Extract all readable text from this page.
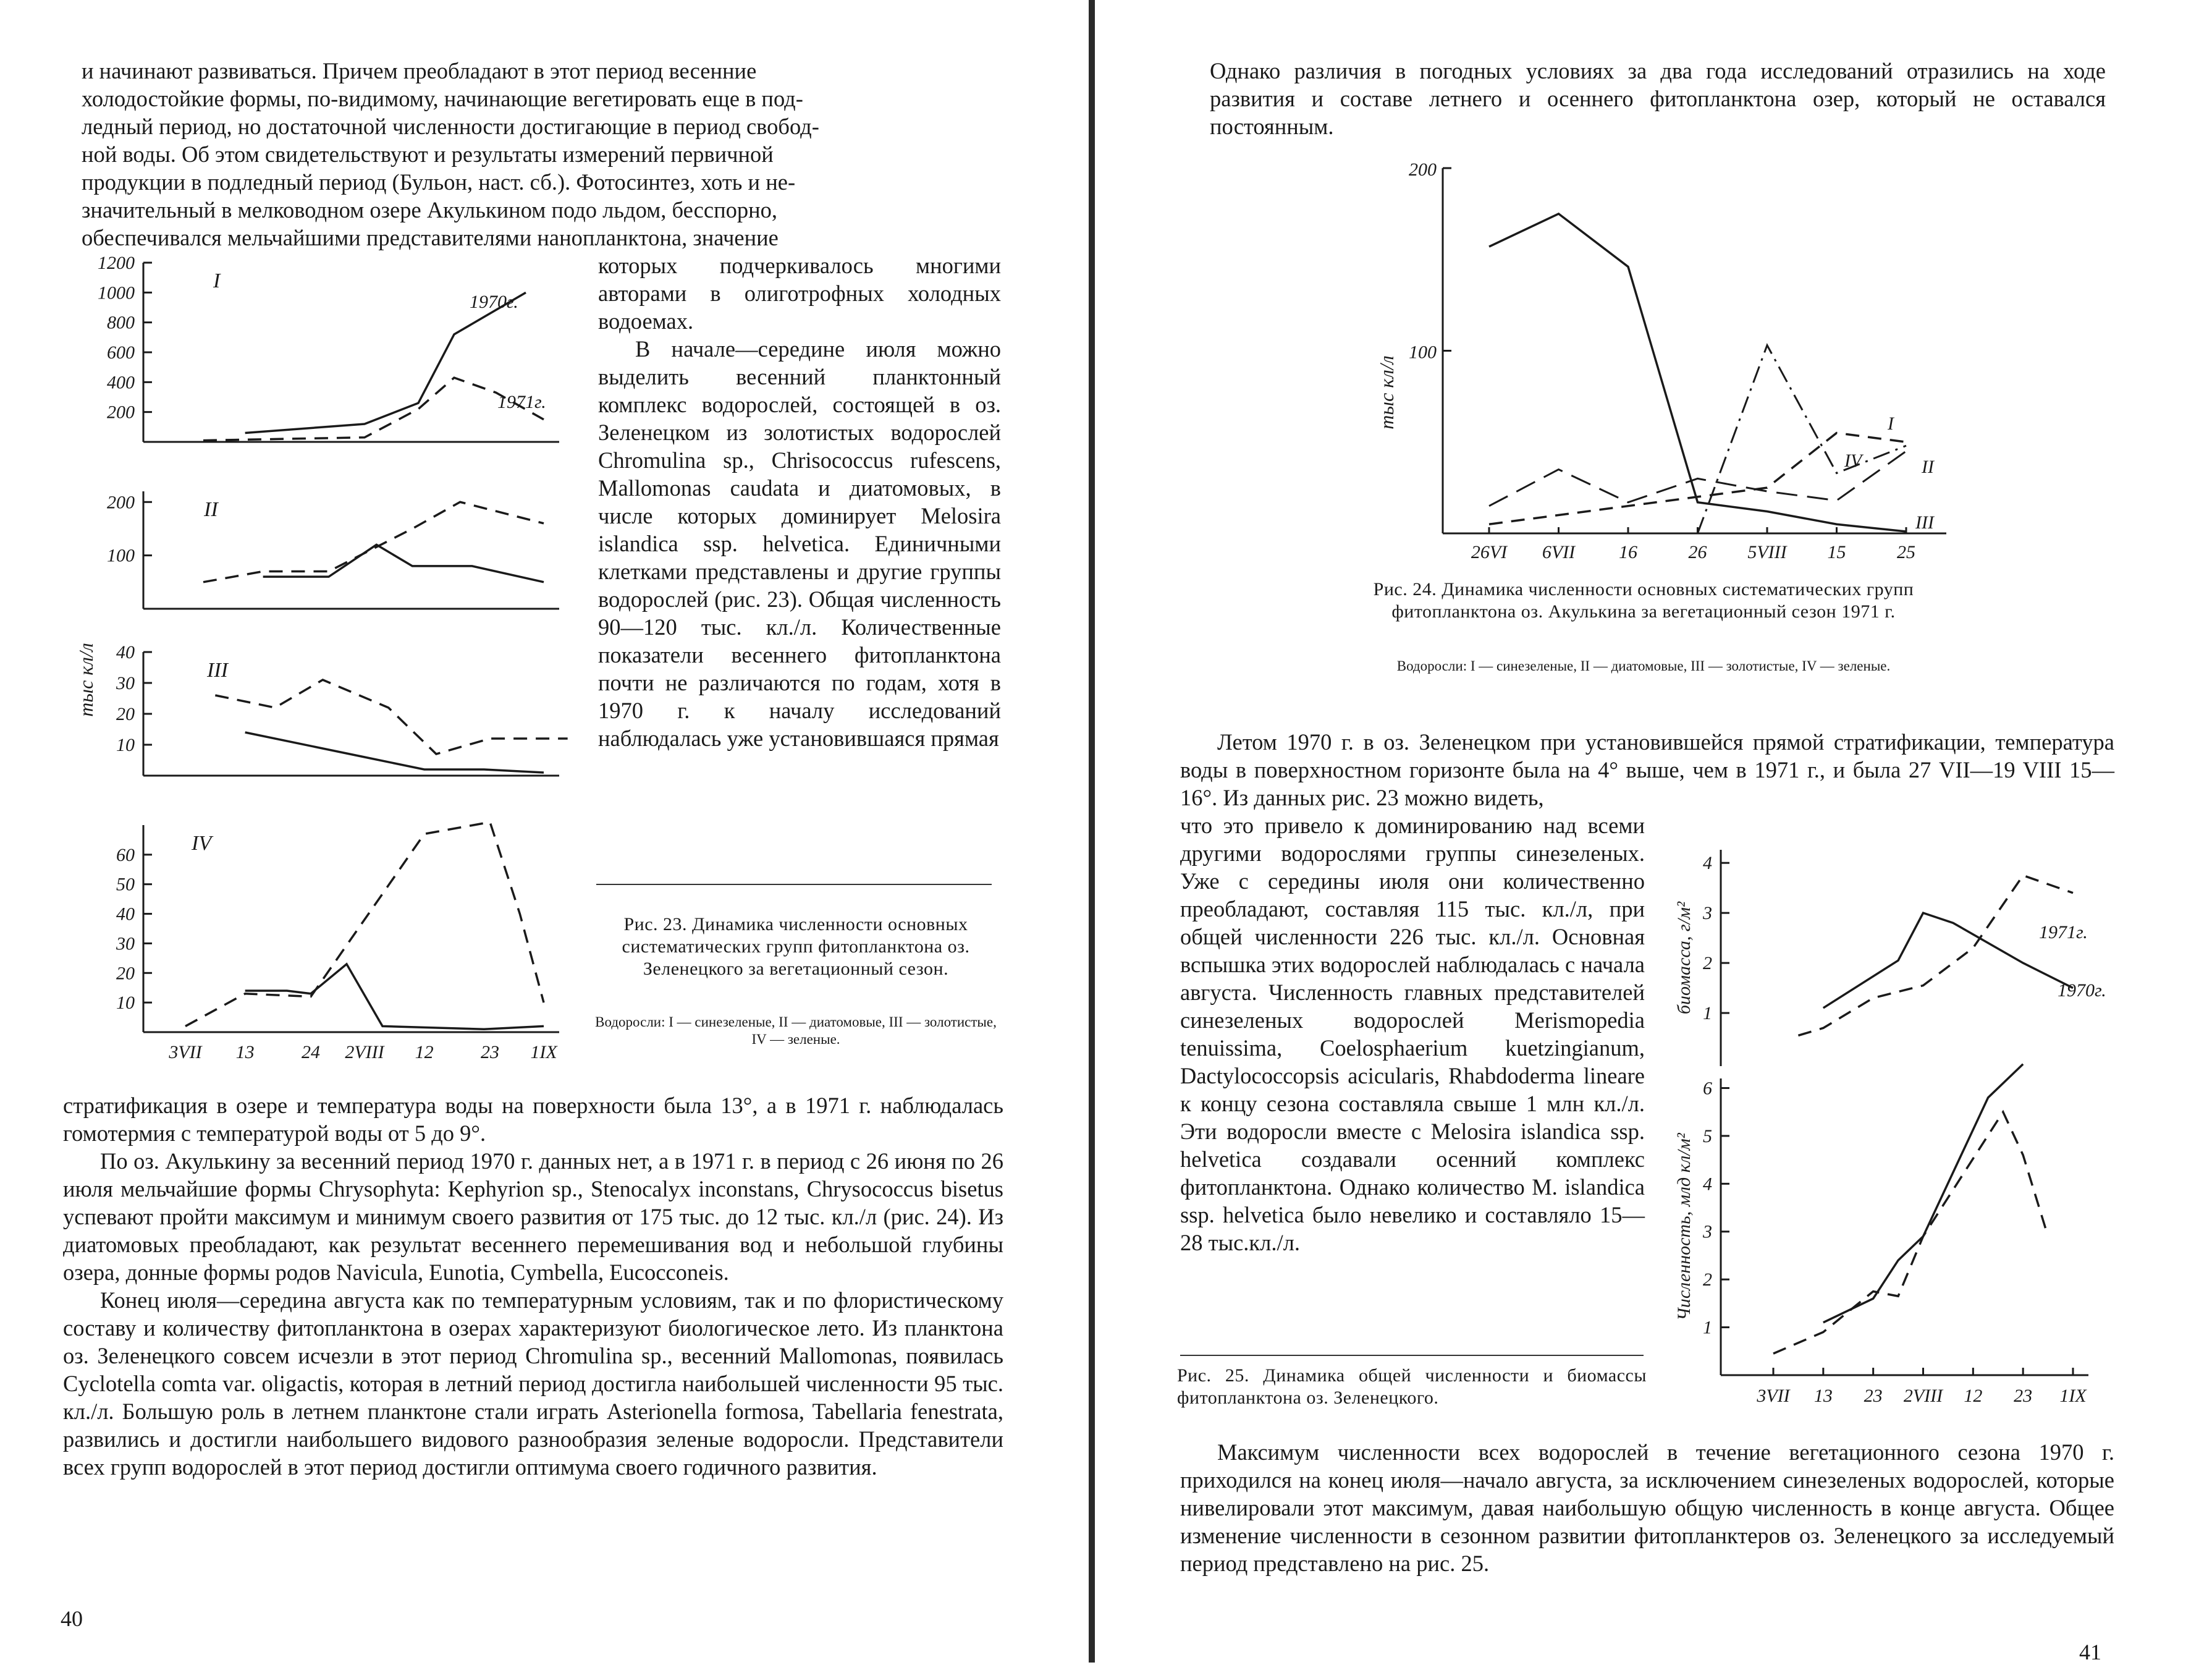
и начинают развиваться. Причем преобладают в этот период весенние

холодостойкие формы, по-видимому, начинающие вегетировать еще в под-

ледный период, но достаточной численности достигающие в период свобод-

ной воды. Об этом свидетельствуют и результаты измерений первичной

продукции в подледный период (Бульон, наст. сб.). Фотосинтез, хоть и не-

значительный в мелководном озере Акулькином подо льдом, бесспорно,

обеспечивался мельчайшими представителями нанопланктона, значение

которых подчеркивалось многими авторами в олиготрофных холодных водоемах.

В начале—середине июля можно выделить весенний планктонный комплекс водорослей, состоящей в оз. Зеленецком из золотистых водорослей Chromulina sp., Chrisococcus rufescens, Mallomonas caudata и диатомовых, в числе которых доминирует Melosira islandica ssp. helvetica. Единичными клетками представлены и другие группы водорослей (рис. 23). Общая численность 90—120 тыс. кл./л. Количественные показатели весеннего фитопланктона почти не различаются по годам, хотя в 1970 г. к началу исследований наблюдалась уже установившаяся прямая

Рис. 23. Динамика численности основных систематических групп фитопланктона оз. Зеленецкого за вегетационный сезон.
Водоросли: I — синезеленые, II — диатомовые, III — золотистые, IV — зеленые.

стратификация в озере и температура воды на поверхности была 13°, а в 1971 г. наблюдалась гомотермия с температурой воды от 5 до 9°.

По оз. Акулькину за весенний период 1970 г. данных нет, а в 1971 г. в период с 26 июня по 26 июля мельчайшие формы Chrysophyta: Kephyrion sp., Stenocalyx inconstans, Chrysococcus bisetus успевают пройти максимум и минимум своего развития от 175 тыс. до 12 тыс. кл./л (рис. 24). Из диатомовых преобладают, как результат весеннего перемешивания вод и небольшой глубины озера, донные формы родов Navicula, Eunotia, Cymbella, Eucocconeis.

Конец июля—середина августа как по температурным условиям, так и по флористическому составу и количеству фитопланктона в озерах характеризуют биологическое лето. Из планктона оз. Зеленецкого совсем исчезли в этот период Chromulina sp., весенний Mallomonas, появилась Cyclotella comta var. oligactis, которая в летний период достигла наибольшей численности 95 тыс. кл./л. Большую роль в летнем планктоне стали играть Asterionella formosa, Tabellaria fenestrata, развились и достигли наибольшего видового разнообразия зеленые водоросли. Представители всех групп водорослей в этот период достигли оптимума своего годичного развития.

40

Однако различия в погодных условиях за два года исследований отразились на ходе развития и составе летнего и осеннего фитопланктона озер, который не оставался постоянным.

Рис. 24. Динамика численности основных систематических групп фитопланктона оз. Акулькина за вегетационный сезон 1971 г.
Водоросли: I — синезеленые, II — диатомовые, III — золотистые, IV — зеленые.

Летом 1970 г. в оз. Зеленецком при установившейся прямой стратификации, температура воды в поверхностном горизонте была на 4° выше, чем в 1971 г., и была 27 VII—19 VIII 15—16°. Из данных рис. 23 можно видеть,

что это привело к доминированию над всеми другими водорослями группы синезеленых. Уже с середины июля они количественно преобладают, составляя 115 тыс. кл./л, при общей численности 226 тыс. кл./л. Основная вспышка этих водорослей наблюдалась с начала августа. Численность главных представителей синезеленых водорослей Merismopedia tenuissima, Coelosphaerium kuetzingianum, Dactylococcopsis acicularis, Rhabdoderma lineare к концу сезона составляла свыше 1 млн кл./л. Эти водоросли вместе с Melosira islandica ssp. helvetica создавали осенний комплекс фитопланктона. Однако количество M. islandica ssp. helvetica было невелико и составляло 15—28 тыс.кл./л.

Рис. 25. Динамика общей численности и биомассы фитопланктона оз. Зеленецкого.

Максимум численности всех водорослей в течение вегетационного сезона 1970 г. приходился на конец июля—начало августа, за исключением синезеленых водорослей, которые нивелировали этот максимум, давая наибольшую общую численность в конце августа. Общее изменение численности в сезонном развитии фитопланктеров оз. Зеленецкого за исследуемый период представлено на рис. 25.

41
200
400
600
800
1000
1200
I
100
200	II
10
20
30
40
III
10
20
30
40
50
60
IV
1970г.
1971г.
3VII 13	24 2VIII 12	23 1IX
тыс кл/л
100
200
26VI 6VII 16	26 5VIII 15	25
I
II
III
IV
тыс кл/л
1
2
3
4
биомасса, г/м²
1
2
3
4
5
6
Численность, млд кл/м²
3VII 13 23 2VIII 12 23 1IX
1971г.
1970г.
